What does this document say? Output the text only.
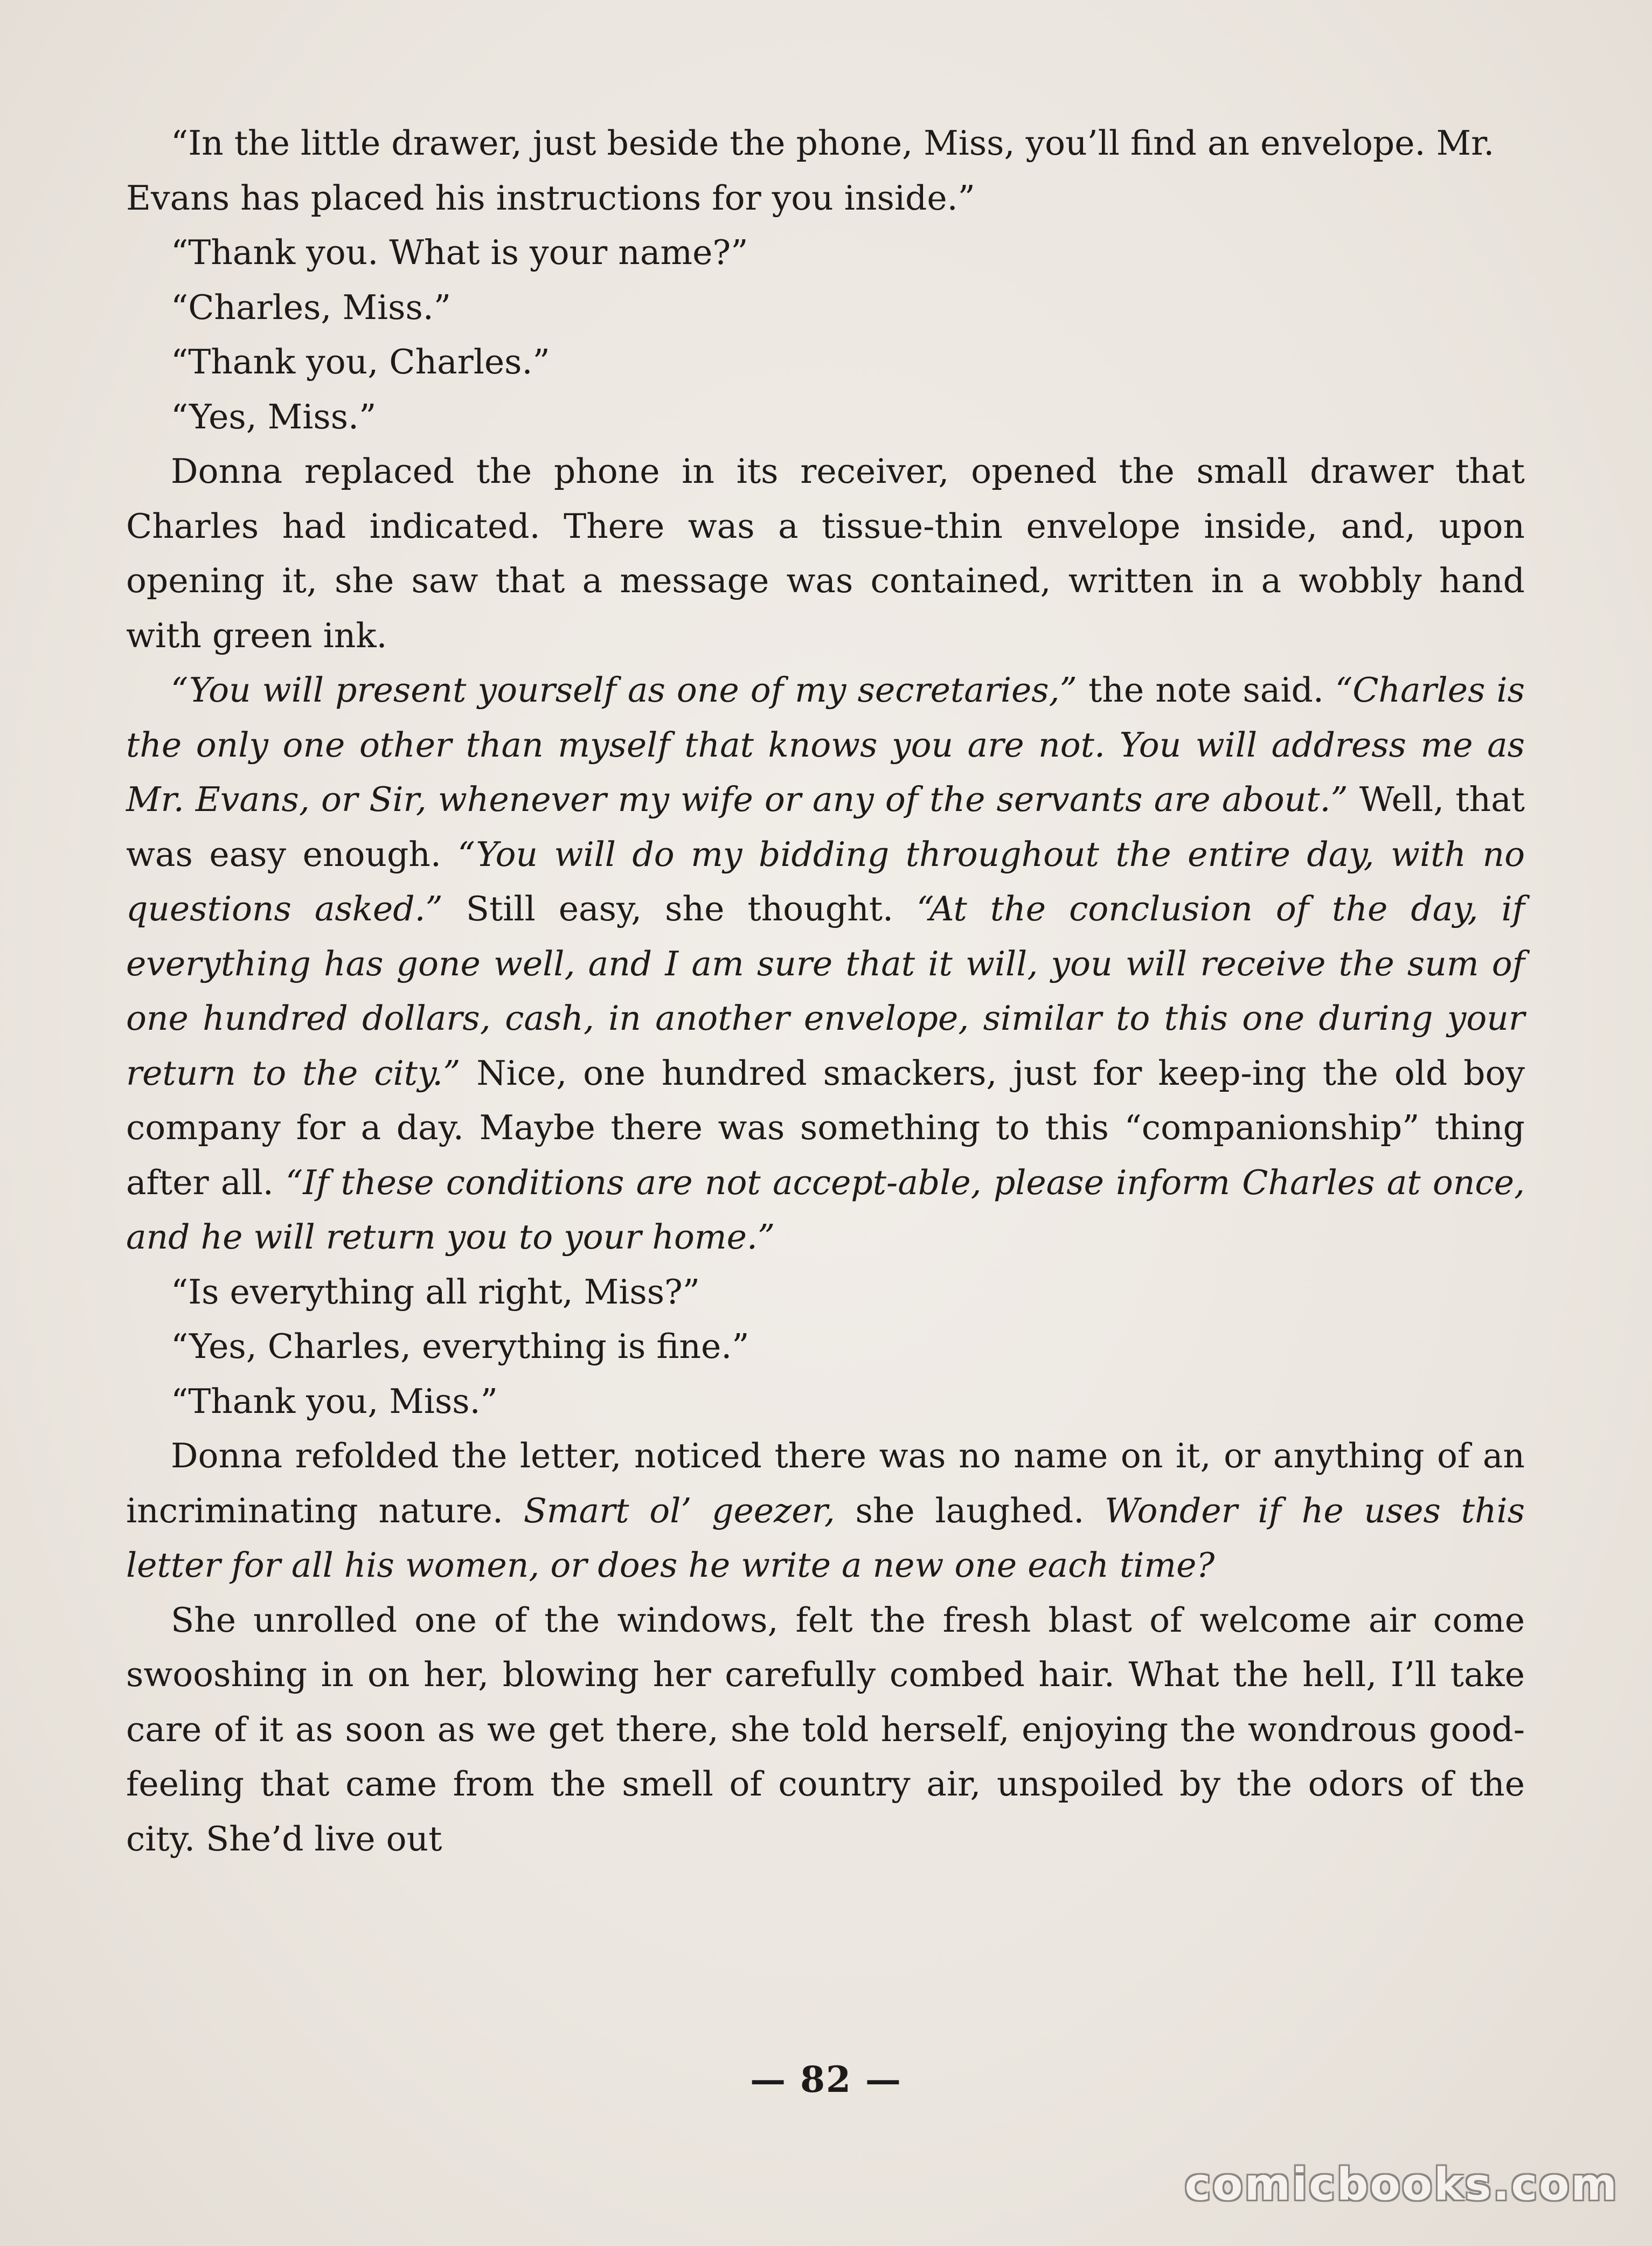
“In the little drawer, just beside the phone, Miss, you’ll find an envelope. Mr. Evans has placed his instructions for you inside.”

“Thank you. What is your name?”

“Charles, Miss.”

“Thank you, Charles.”

“Yes, Miss.”

Donna replaced the phone in its receiver, opened the small drawer that Charles had indicated. There was a tissue-thin envelope inside, and, upon opening it, she saw that a message was contained, written in a wobbly hand with green ink.

“You will present yourself as one of my secretaries,” the note said. “Charles is the only one other than myself that knows you are not. You will address me as Mr. Evans, or Sir, whenever my wife or any of the servants are about.” Well, that was easy enough. “You will do my bidding throughout the entire day, with no questions asked.” Still easy, she thought. “At the conclusion of the day, if everything has gone well, and I am sure that it will, you will receive the sum of one hundred dollars, cash, in another envelope, similar to this one during your return to the city.” Nice, one hundred smackers, just for keep-ing the old boy company for a day. Maybe there was something to this “companionship” thing after all. “If these conditions are not accept-able, please inform Charles at once, and he will return you to your home.”

“Is everything all right, Miss?”

“Yes, Charles, everything is fine.”

“Thank you, Miss.”

Donna refolded the letter, noticed there was no name on it, or anything of an incriminating nature. Smart ol’ geezer, she laughed. Wonder if he uses this letter for all his women, or does he write a new one each time?

She unrolled one of the windows, felt the fresh blast of welcome air come swooshing in on her, blowing her carefully combed hair. What the hell, I’ll take care of it as soon as we get there, she told herself, enjoying the wondrous good-feeling that came from the smell of country air, unspoiled by the odors of the city. She’d live out

— 82 —
comicbooks.com
